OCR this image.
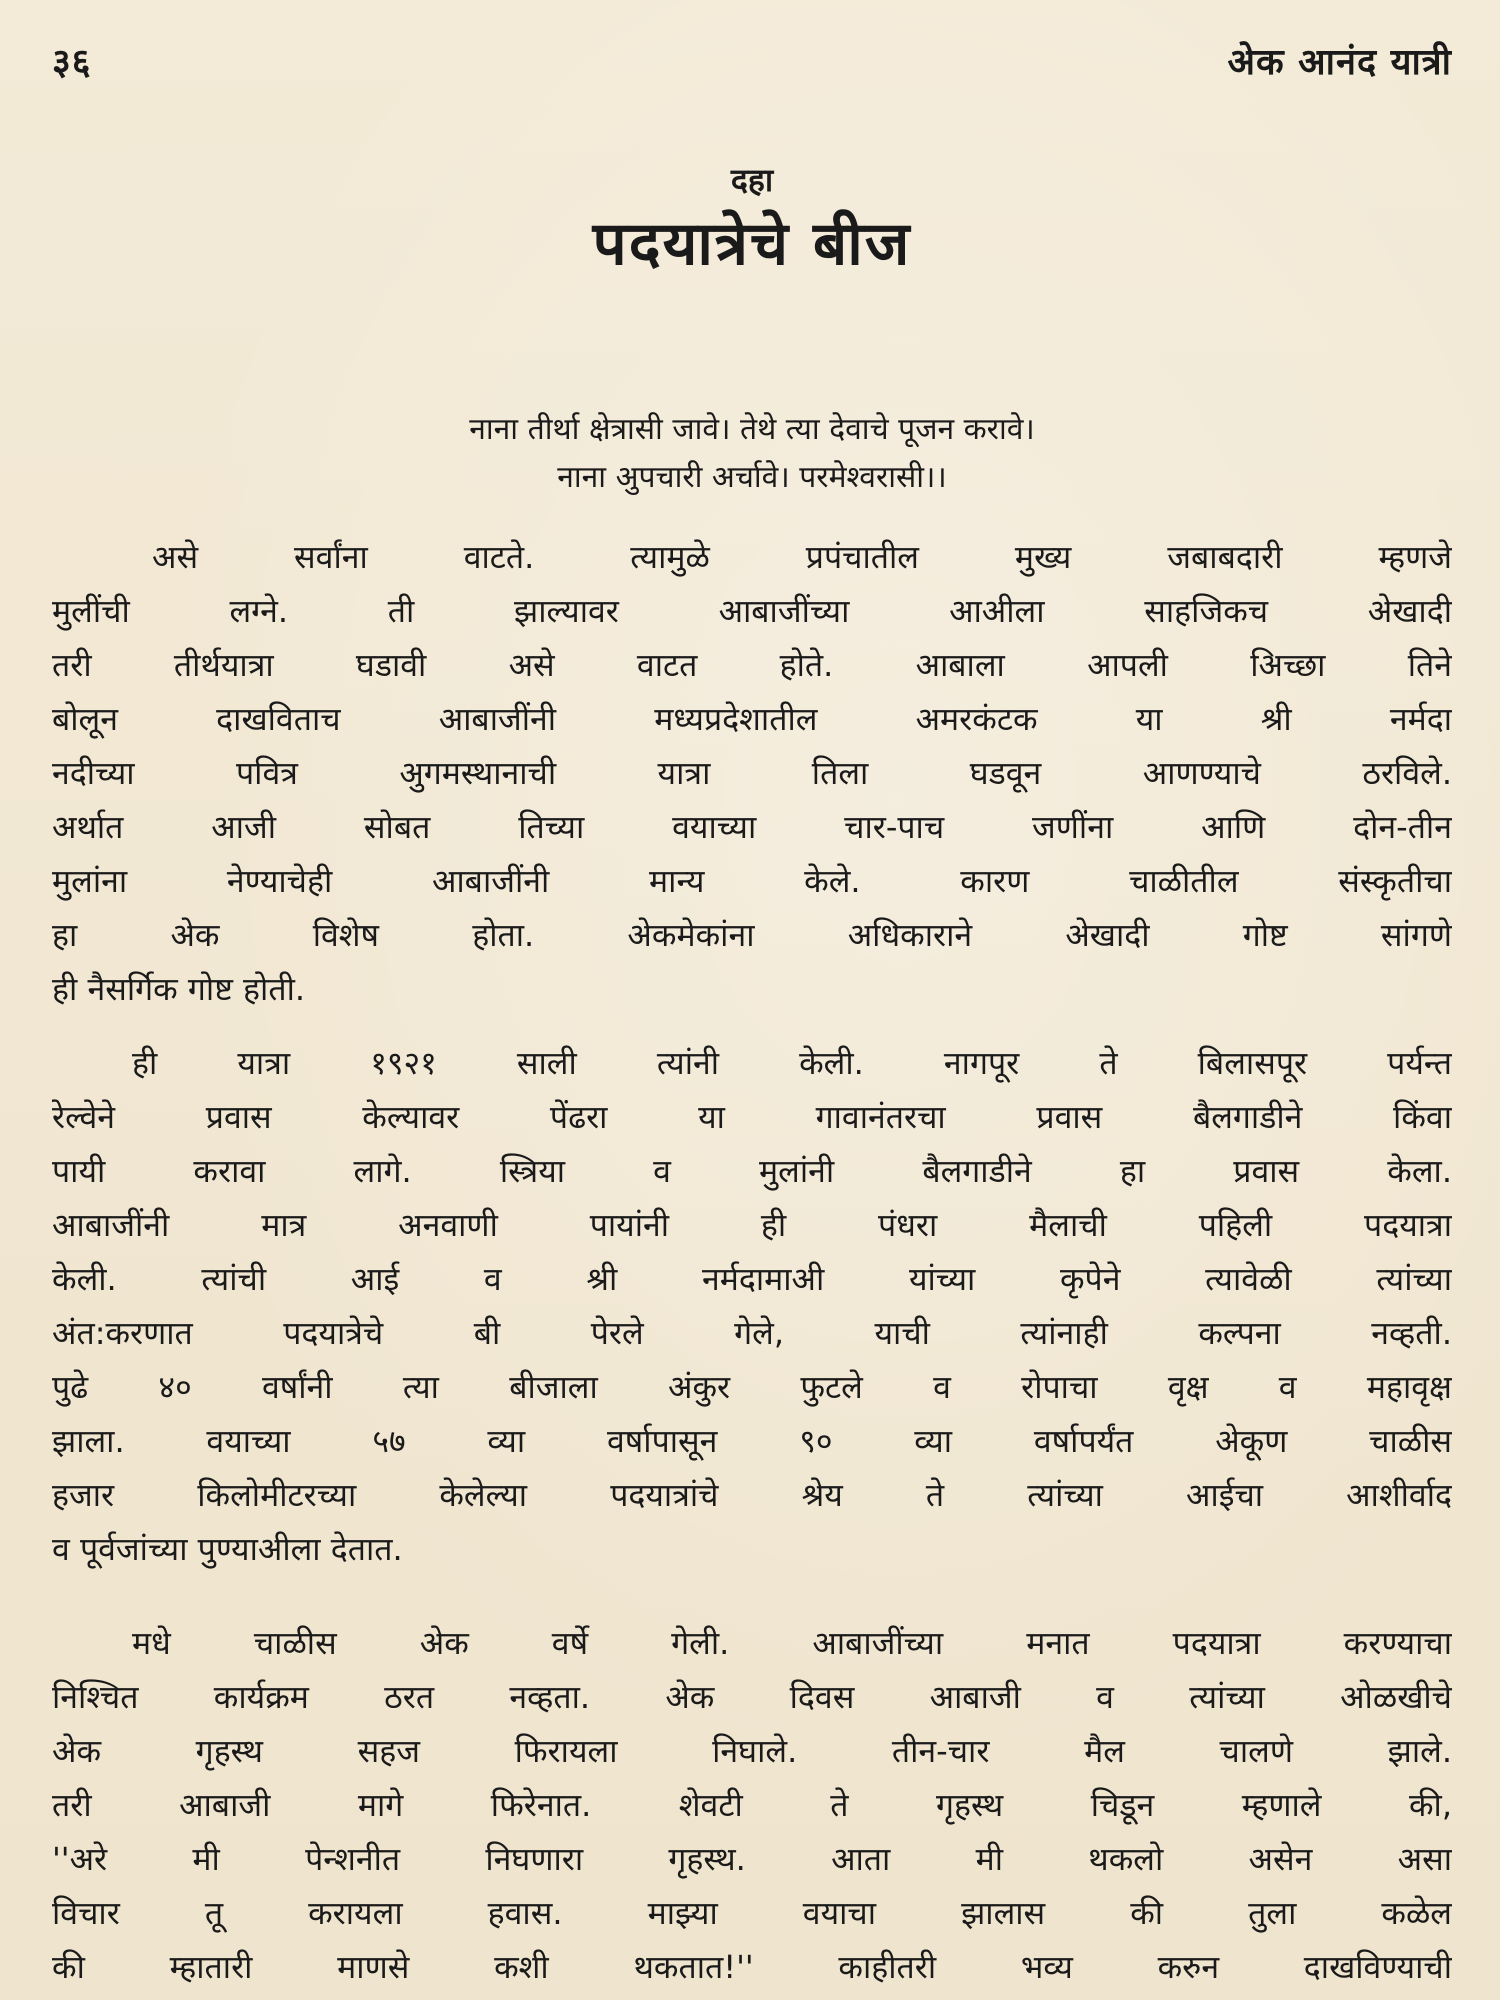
३६	अेक आनंद यात्री
दहा
पदयात्रेचे बीज
नाना तीर्था क्षेत्रासी जावे। तेथे त्या देवाचे पूजन करावे।
नाना अुपचारी अर्चावे। परमेश्वरासी।।
असे सर्वांना वाटते. त्यामुळे प्रपंचातील मुख्य जबाबदारी म्हणजे
मुलींची लग्ने. ती झाल्यावर आबाजींच्या आअीला साहजिकच अेखादी
तरी तीर्थयात्रा घडावी असे वाटत होते. आबाला आपली अिच्छा तिने
बोलून दाखविताच आबाजींनी मध्यप्रदेशातील अमरकंटक या श्री नर्मदा
नदीच्या पवित्र अुगमस्थानाची यात्रा तिला घडवून आणण्याचे ठरविले.
अर्थात आजी सोबत तिच्या वयाच्या चार-पाच जणींना आणि दोन-तीन
मुलांना नेण्याचेही आबाजींनी मान्य केले. कारण चाळीतील संस्कृतीचा
हा अेक विशेष होता. अेकमेकांना अधिकाराने अेखादी गोष्ट सांगणे
ही नैसर्गिक गोष्ट होती.
ही यात्रा १९२१ साली त्यांनी केली. नागपूर ते बिलासपूर पर्यन्त
रेल्वेने प्रवास केल्यावर पेंढरा या गावानंतरचा प्रवास बैलगाडीने किंवा
पायी करावा लागे. स्त्रिया व मुलांनी बैलगाडीने हा प्रवास केला.
आबाजींनी मात्र अनवाणी पायांनी ही पंधरा मैलाची पहिली पदयात्रा
केली. त्यांची आई व श्री नर्मदामाअी यांच्या कृपेने त्यावेळी त्यांच्या
अंत:करणात पदयात्रेचे बी पेरले गेले, याची त्यांनाही कल्पना नव्हती.
पुढे ४० वर्षांनी त्या बीजाला अंकुर फुटले व रोपाचा वृक्ष व महावृक्ष
झाला. वयाच्या ५७ व्या वर्षापासून ९० व्या वर्षापर्यंत अेकूण चाळीस
हजार किलोमीटरच्या केलेल्या पदयात्रांचे श्रेय ते त्यांच्या आईचा आशीर्वाद
व पूर्वजांच्या पुण्याअीला देतात.
मधे चाळीस अेक वर्षे गेली. आबाजींच्या मनात पदयात्रा करण्याचा
निश्चित कार्यक्रम ठरत नव्हता. अेक दिवस आबाजी व त्यांच्या ओळखीचे
अेक गृहस्थ सहज फिरायला निघाले. तीन-चार मैल चालणे झाले.
तरी आबाजी मागे फिरेनात. शेवटी ते गृहस्थ चिडून म्हणाले की,
''अरे मी पेन्शनीत निघणारा गृहस्थ. आता मी थकलो असेन असा
विचार तू करायला हवास. माझ्या वयाचा झालास की तुला कळेल
की म्हातारी माणसे कशी थकतात!'' काहीतरी भव्य करुन दाखविण्याची
